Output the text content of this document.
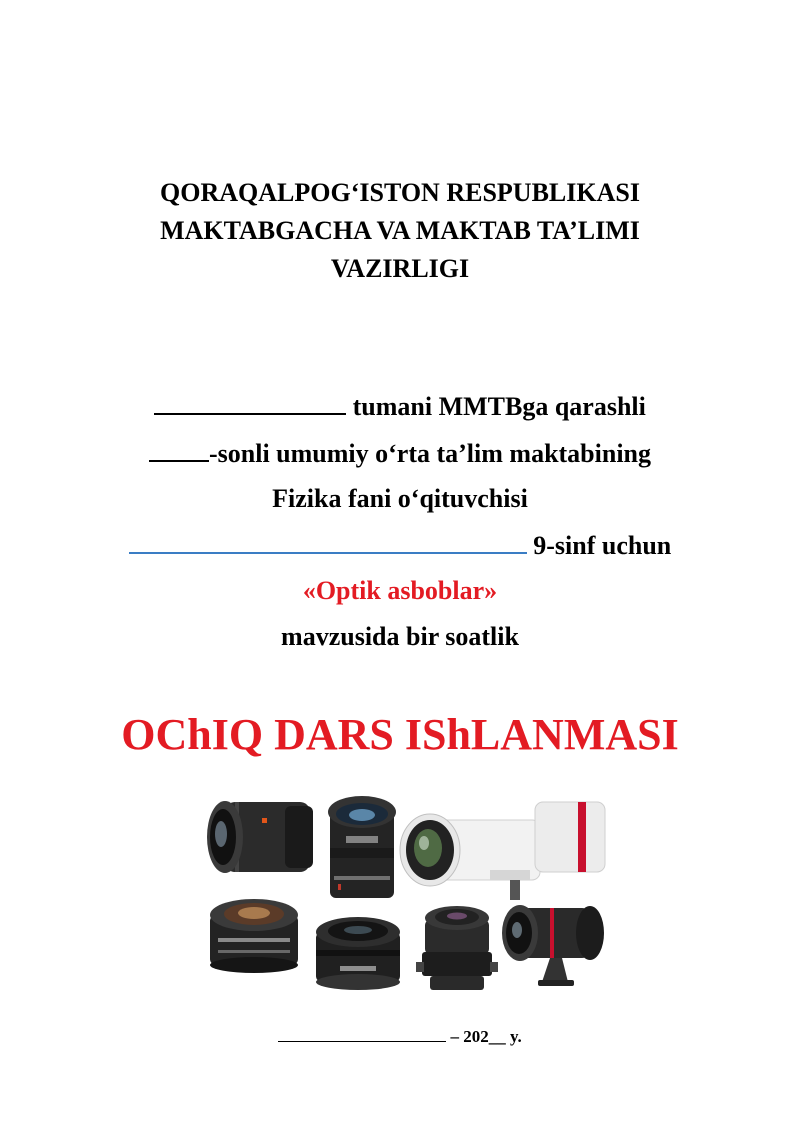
QORAQALPOG‘ISTON RESPUBLIKASI
MAKTABGACHA VA MAKTAB TA’LIMI
VAZIRLIGI
tumani MMTBga qarashli
-sonli umumiy o‘rta ta’lim maktabining
Fizika fani o‘qituvchisi
9-sinf uchun
«Optik asboblar»
mavzusida bir soatlik
OChIQ DARS IShLANMASI
– 202__ y.
